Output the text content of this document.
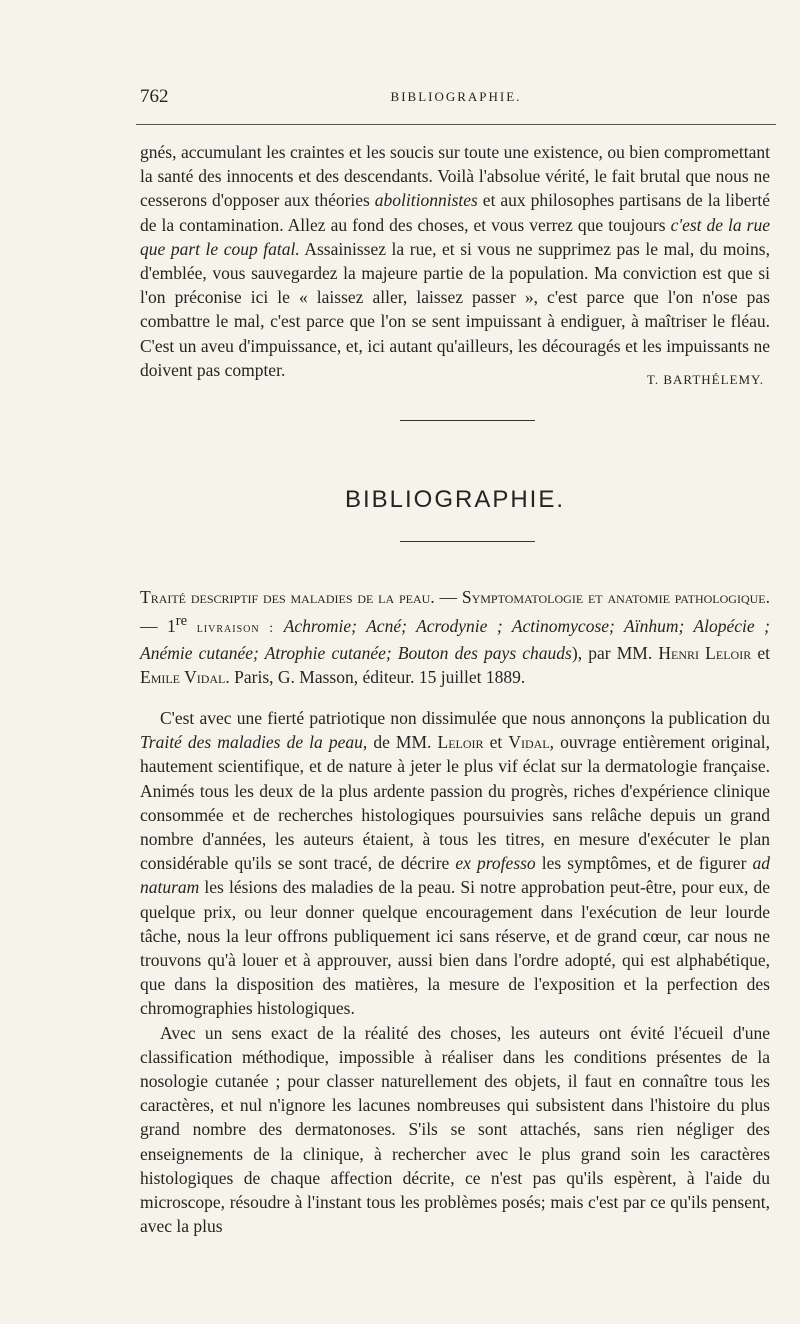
762	BIBLIOGRAPHIE.

gnés, accumulant les craintes et les soucis sur toute une existence, ou bien compromettant la santé des innocents et des descendants. Voilà l'absolue vérité, le fait brutal que nous ne cesserons d'opposer aux théories abolitionnistes et aux philosophes partisans de la liberté de la contamination. Allez au fond des choses, et vous verrez que toujours c'est de la rue que part le coup fatal. Assainissez la rue, et si vous ne supprimez pas le mal, du moins, d'emblée, vous sauvegardez la majeure partie de la population. Ma conviction est que si l'on préconise ici le « laissez aller, laissez passer », c'est parce que l'on n'ose pas combattre le mal, c'est parce que l'on se sent impuissant à endiguer, à maîtriser le fléau. C'est un aveu d'impuissance, et, ici autant qu'ailleurs, les découragés et les impuissants ne doivent pas compter.	T. BARTHÉLEMY.
BIBLIOGRAPHIE.

Traité descriptif des maladies de la peau. — Symptomatologie et anatomie pathologique. — 1re livraison : Achromie; Acné; Acrodynie ; Actinomycose; Aïnhum; Alopécie ; Anémie cutanée; Atrophie cutanée; Bouton des pays chauds), par MM. Henri Leloir et Emile Vidal. Paris, G. Masson, éditeur. 15 juillet 1889.

C'est avec une fierté patriotique non dissimulée que nous annonçons la publication du Traité des maladies de la peau, de MM. Leloir et Vidal, ouvrage entièrement original, hautement scientifique, et de nature à jeter le plus vif éclat sur la dermatologie française. Animés tous les deux de la plus ardente passion du progrès, riches d'expérience clinique consommée et de recherches histologiques poursuivies sans relâche depuis un grand nombre d'années, les auteurs étaient, à tous les titres, en mesure d'exécuter le plan considérable qu'ils se sont tracé, de décrire ex professo les symptômes, et de figurer ad naturam les lésions des maladies de la peau. Si notre approbation peut-être, pour eux, de quelque prix, ou leur donner quelque encouragement dans l'exécution de leur lourde tâche, nous la leur offrons publiquement ici sans réserve, et de grand cœur, car nous ne trouvons qu'à louer et à approuver, aussi bien dans l'ordre adopté, qui est alphabétique, que dans la disposition des matières, la mesure de l'exposition et la perfection des chromographies histologiques.

Avec un sens exact de la réalité des choses, les auteurs ont évité l'écueil d'une classification méthodique, impossible à réaliser dans les conditions présentes de la nosologie cutanée ; pour classer naturellement des objets, il faut en connaître tous les caractères, et nul n'ignore les lacunes nombreuses qui subsistent dans l'histoire du plus grand nombre des dermatonoses. S'ils se sont attachés, sans rien négliger des enseignements de la clinique, à rechercher avec le plus grand soin les caractères histologiques de chaque affection décrite, ce n'est pas qu'ils espèrent, à l'aide du microscope, résoudre à l'instant tous les problèmes posés; mais c'est par ce qu'ils pensent, avec la plus
